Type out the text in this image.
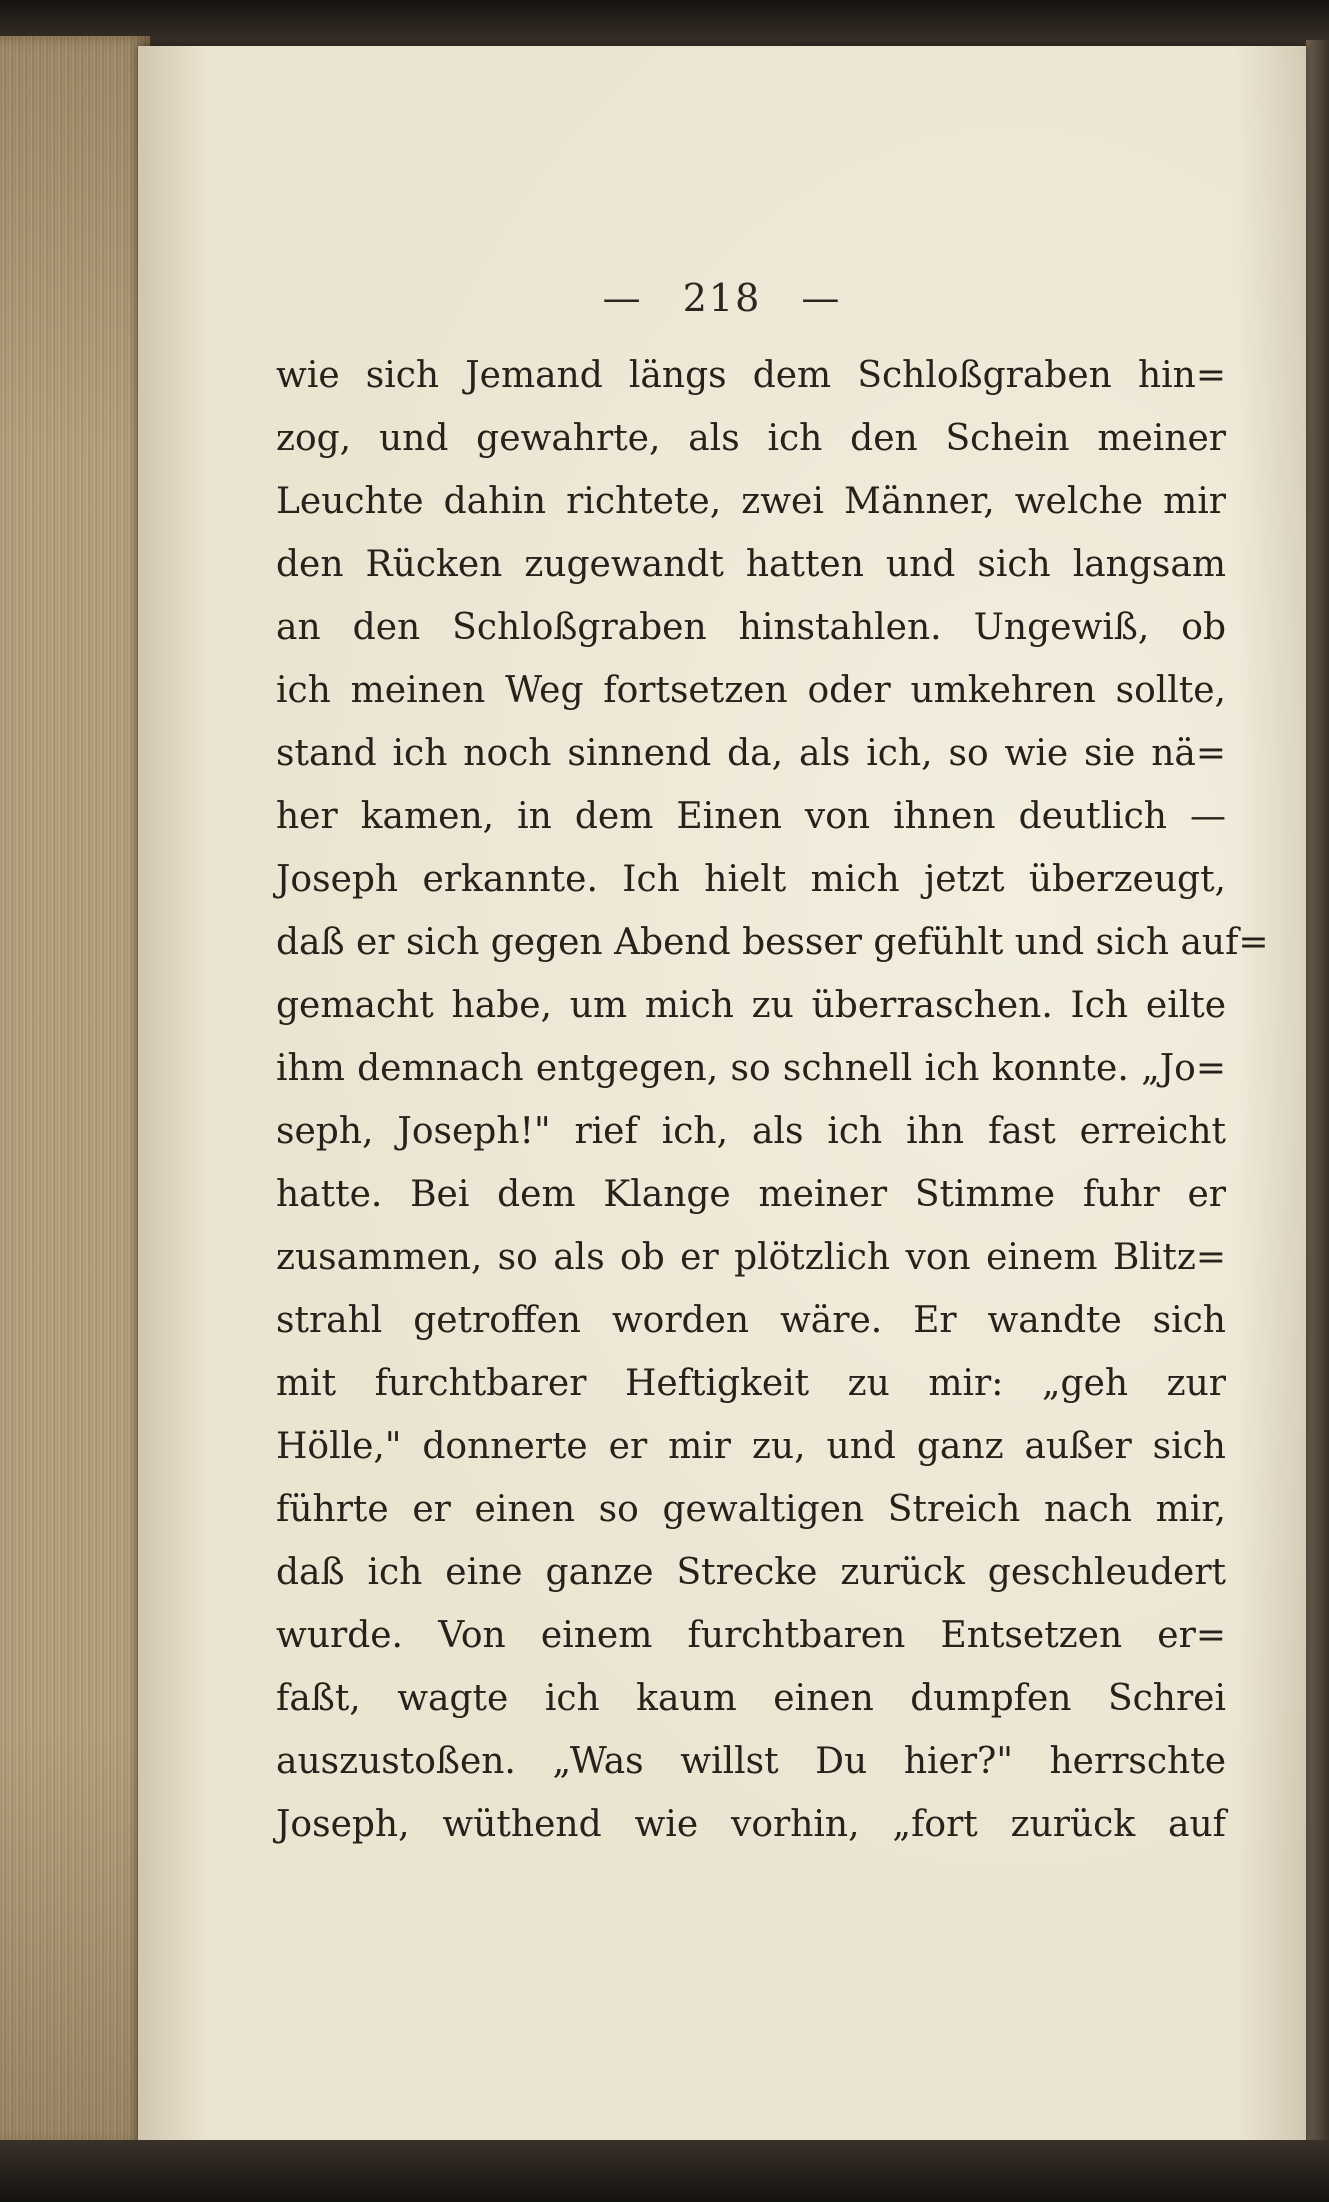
— 218 —
wie sich Jemand längs dem Schloßgraben hin=
zog, und gewahrte, als ich den Schein meiner
Leuchte dahin richtete, zwei Männer, welche mir
den Rücken zugewandt hatten und sich langsam
an den Schloßgraben hinstahlen. Ungewiß, ob
ich meinen Weg fortsetzen oder umkehren sollte,
stand ich noch sinnend da, als ich, so wie sie nä=
her kamen, in dem Einen von ihnen deutlich —
Joseph erkannte. Ich hielt mich jetzt überzeugt,
daß er sich gegen Abend besser gefühlt und sich auf=
gemacht habe, um mich zu überraschen. Ich eilte
ihm demnach entgegen, so schnell ich konnte. „Jo=
seph, Joseph!" rief ich, als ich ihn fast erreicht
hatte. Bei dem Klange meiner Stimme fuhr er
zusammen, so als ob er plötzlich von einem Blitz=
strahl getroffen worden wäre. Er wandte sich
mit furchtbarer Heftigkeit zu mir: „geh zur
Hölle," donnerte er mir zu, und ganz außer sich
führte er einen so gewaltigen Streich nach mir,
daß ich eine ganze Strecke zurück geschleudert
wurde. Von einem furchtbaren Entsetzen er=
faßt, wagte ich kaum einen dumpfen Schrei
auszustoßen. „Was willst Du hier?" herrschte
Joseph, wüthend wie vorhin, „fort zurück auf
